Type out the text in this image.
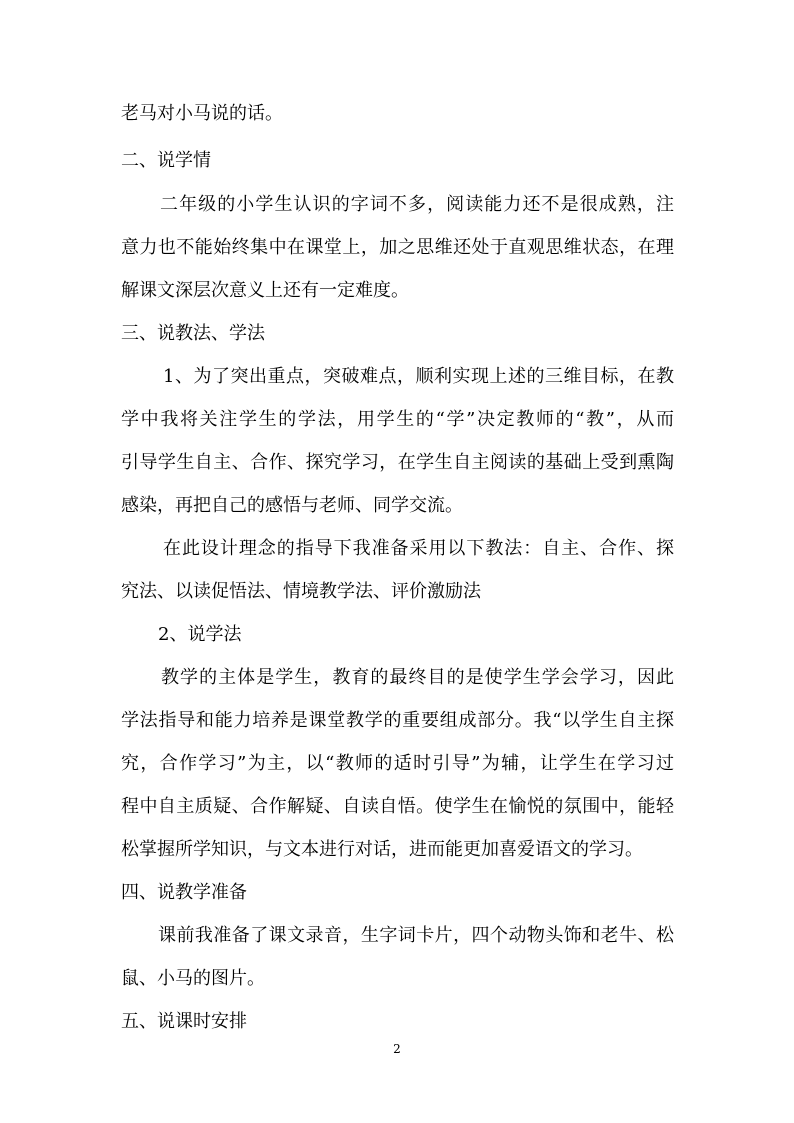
老马对小马说的话。
二、说学情
二年级的小学生认识的字词不多，阅读能力还不是很成熟，注
意力也不能始终集中在课堂上，加之思维还处于直观思维状态，在理
解课文深层次意义上还有一定难度。
三、说教法、学法
1、为了突出重点，突破难点，顺利实现上述的三维目标，在教
学中我将关注学生的学法，用学生的“学”决定教师的“教”，从而
引导学生自主、合作、探究学习，在学生自主阅读的基础上受到熏陶
感染，再把自己的感悟与老师、同学交流。
在此设计理念的指导下我准备采用以下教法：自主、合作、探
究法、以读促悟法、情境教学法、评价激励法
2、说学法
教学的主体是学生，教育的最终目的是使学生学会学习，因此
学法指导和能力培养是课堂教学的重要组成部分。我“以学生自主探
究，合作学习”为主，以“教师的适时引导”为辅，让学生在学习过
程中自主质疑、合作解疑、自读自悟。使学生在愉悦的氛围中，能轻
松掌握所学知识，与文本进行对话，进而能更加喜爱语文的学习。
四、说教学准备
课前我准备了课文录音，生字词卡片，四个动物头饰和老牛、松
鼠、小马的图片。
五、说课时安排
2
